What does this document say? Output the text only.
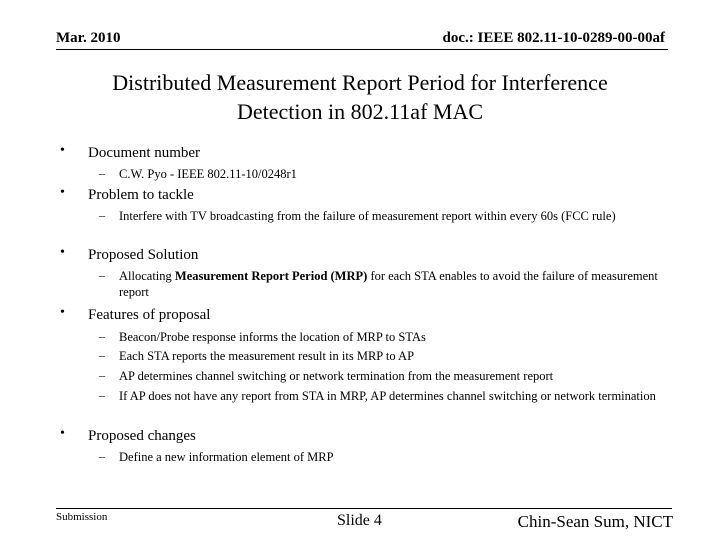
Mar. 2010	doc.: IEEE 802.11-10-0289-00-00af
Distributed Measurement Report Period for Interference
Detection in 802.11af MAC
• Document number
– C.W. Pyo - IEEE 802.11-10/0248r1
• Problem to tackle
– Interfere with TV broadcasting from the failure of measurement report within every 60s (FCC rule)
• Proposed Solution
– Allocating Measurement Report Period (MRP) for each STA enables to avoid the failure of measurement report
• Features of proposal
– Beacon/Probe response informs the location of MRP to STAs
– Each STA reports the measurement result in its MRP to AP
– AP determines channel switching or network termination from the measurement report
– If AP does not have any report from STA in MRP, AP determines channel switching or network termination
• Proposed changes
– Define a new information element of MRP
Submission	Slide 4	Chin-Sean Sum, NICT
